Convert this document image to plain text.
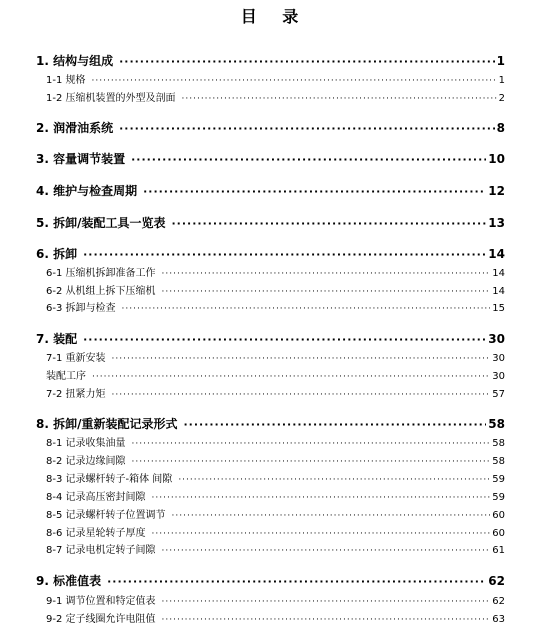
目 录
1. 结构与组成 ·····	1
1-1 规格 ·····	1
1-2 压缩机装置的外型及剖面 ·····	2
2. 润滑油系统 ·····	8
3. 容量调节装置 ·····	10
4. 维护与检查周期 ·····	12
5. 拆卸/装配工具一览表 ·····	13
6. 拆卸 ·····	14
6-1 压缩机拆卸准备工作 ·····	14
6-2 从机组上拆下压缩机 ·····	14
6-3 拆卸与检查 ·····	15
7. 装配 ·····	30
7-1 重新安装 ·····	30
装配工序 ·····	30
7-2 扭紧力矩 ·····	57
8. 拆卸/重新装配记录形式 ·····	58
8-1 记录收集油量 ·····	58
8-2 记录边缘间隙 ·····	58
8-3 记录螺杆转子-箱体 间隙 ·····	59
8-4 记录高压密封间隙 ·····	59
8-5 记录螺杆转子位置调节 ·····	60
8-6 记录星轮转子厚度 ·····	60
8-7 记录电机定转子间隙 ·····	61
9. 标准值表 ·····	62
9-1 调节位置和特定值表 ·····	62
9-2 定子线圈允许电阻值 ·····	63
